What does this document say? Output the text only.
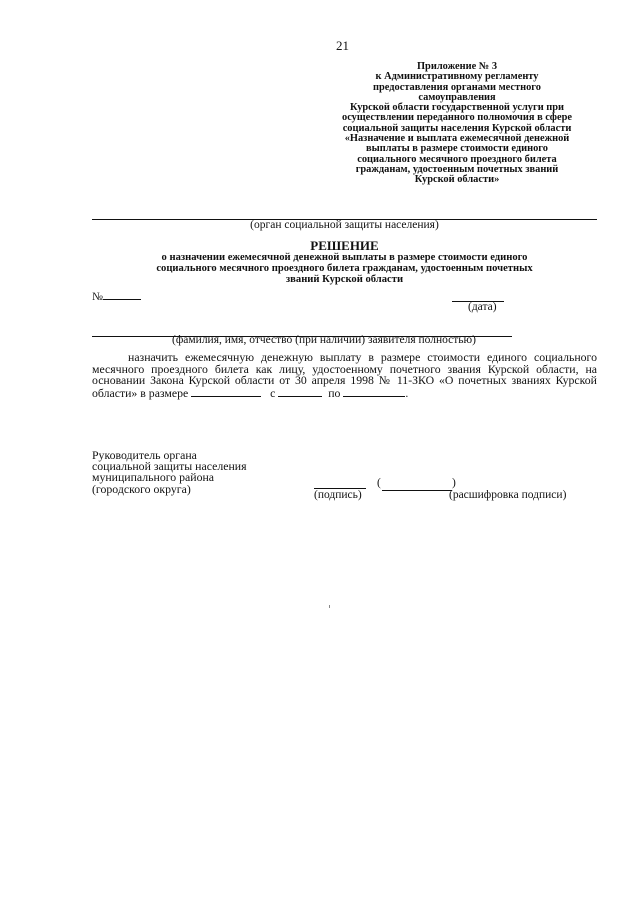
21
Приложение № 3
к Административному регламенту
предоставления органами местного
самоуправления
Курской области государственной услуги при
осуществлении переданного полномочия в сфере
социальной защиты населения Курской области
«Назначение и выплата ежемесячной денежной
выплаты в размере стоимости единого
социального месячного проездного билета
гражданам, удостоенным почетных званий
Курской области»
(орган социальной защиты населения)
РЕШЕНИЕ
о назначении ежемесячной денежной выплаты в размере стоимости единого
социального месячного проездного билета гражданам, удостоенным почетных
званий Курской области
№
(дата)
(фамилия, имя, отчество (при наличии) заявителя полностью)

назначить ежемесячную денежную выплату в размере стоимости единого социального месячного проездного билета как лицу, удостоенному почетного звания Курской области, на основании Закона Курской области от 30 апреля 1998 № 11-ЗКО «О почетных званиях Курской области» в размере	с	по	.

Руководитель органа
социальной защиты населения
муниципального района
(городского округа)	(подпись)
(	)
(расшифровка подписи)
